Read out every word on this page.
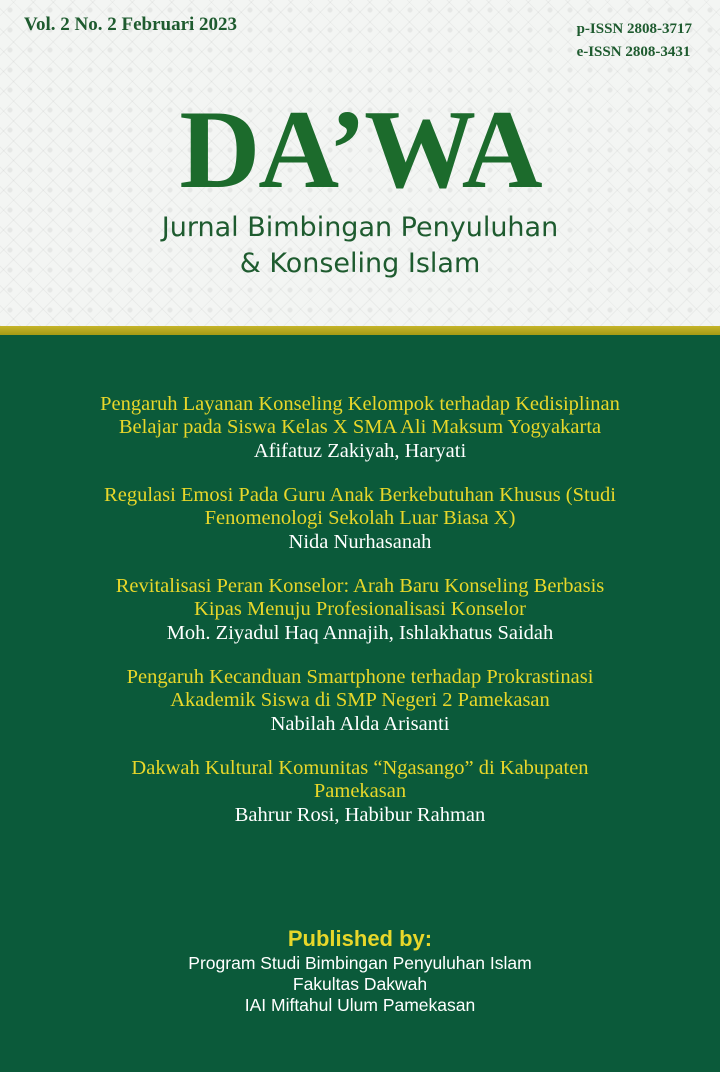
Vol. 2 No. 2 Februari 2023	p-ISSN 2808-3717
e-ISSN 2808-3431
DA’WA
Jurnal Bimbingan Penyuluhan
& Konseling Islam
Pengaruh Layanan Konseling Kelompok terhadap Kedisiplinan
Belajar pada Siswa Kelas X SMA Ali Maksum Yogyakarta
Afifatuz Zakiyah, Haryati
Regulasi Emosi Pada Guru Anak Berkebutuhan Khusus (Studi
Fenomenologi Sekolah Luar Biasa X)
Nida Nurhasanah
Revitalisasi Peran Konselor: Arah Baru Konseling Berbasis
Kipas Menuju Profesionalisasi Konselor
Moh. Ziyadul Haq Annajih, Ishlakhatus Saidah
Pengaruh Kecanduan Smartphone terhadap Prokrastinasi
Akademik Siswa di SMP Negeri 2 Pamekasan
Nabilah Alda Arisanti
Dakwah Kultural Komunitas “Ngasango” di Kabupaten
Pamekasan
Bahrur Rosi, Habibur Rahman
Published by:
Program Studi Bimbingan Penyuluhan Islam
Fakultas Dakwah
IAI Miftahul Ulum Pamekasan
